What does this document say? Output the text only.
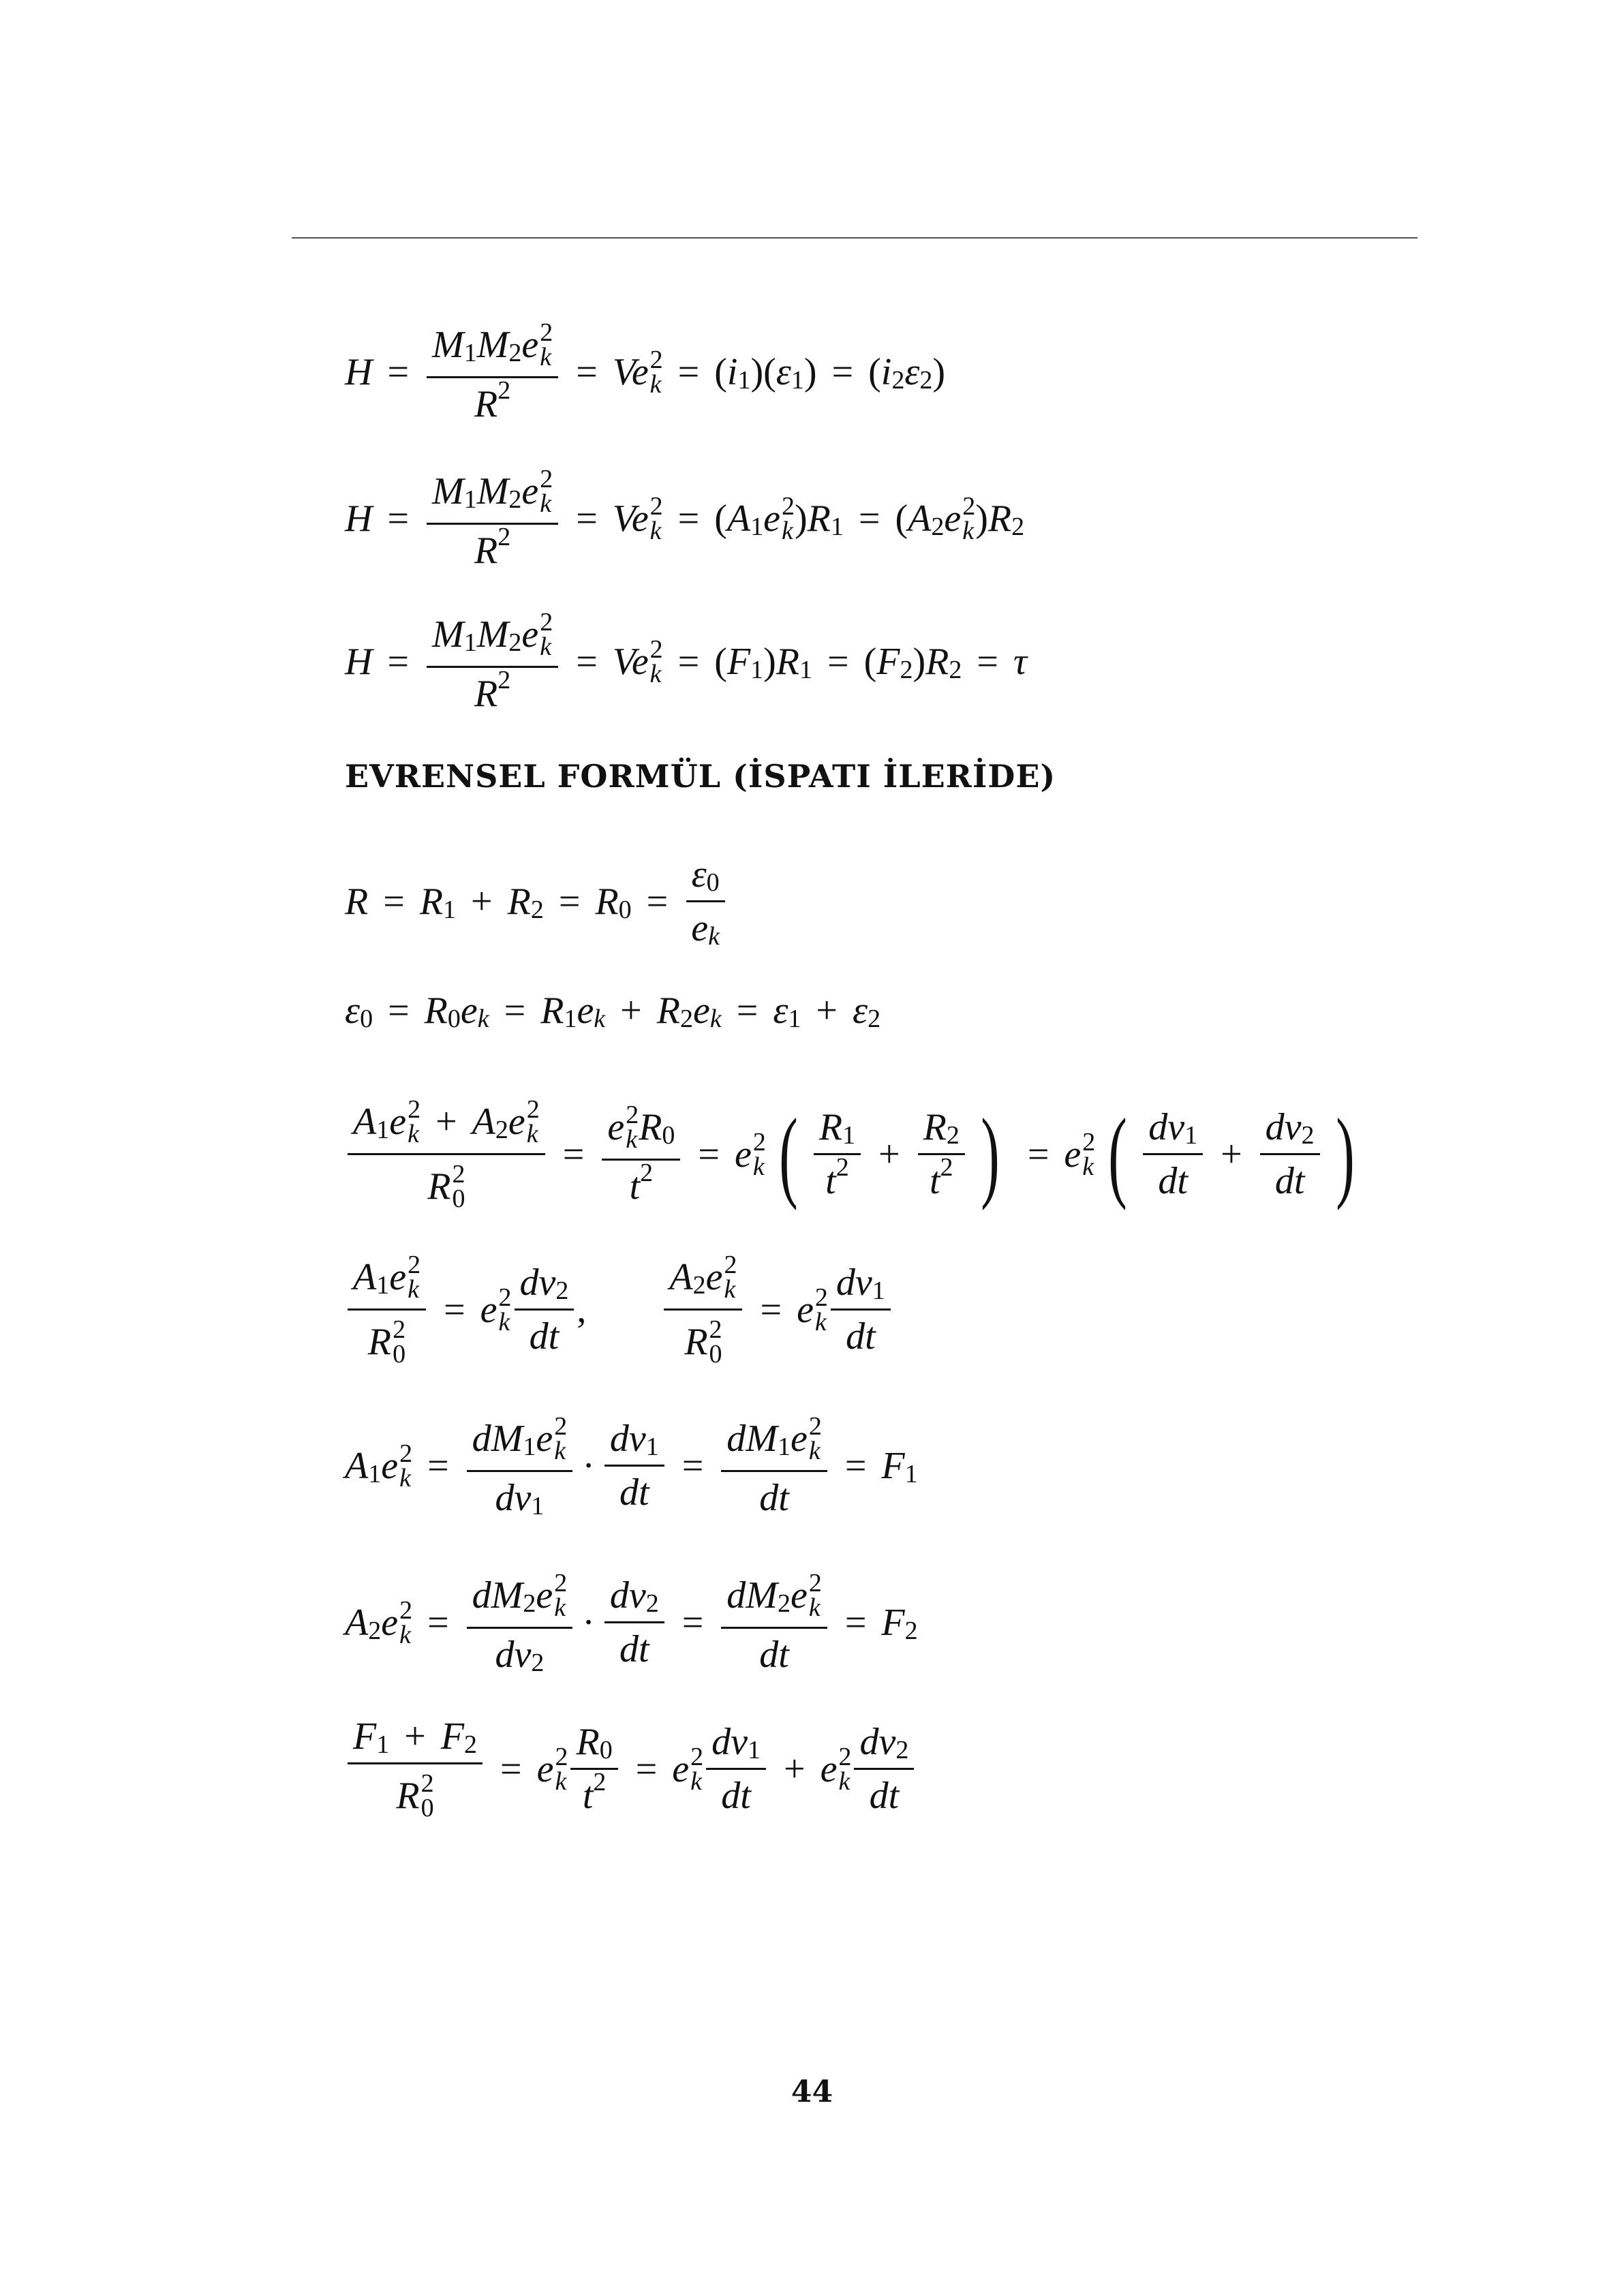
H = M 1 M 2 e 2
k
R 2 = Ve 2
k = ( i 1 )( ε 1 ) = ( i 2 ε 2 )
H = M 1 M 2 e 2
k
R 2 = Ve 2
k = ( A 1 e 2
k ) R 1 = ( A 2 e 2
k ) R 2
H = M 1 M 2 e 2
k
R 2 = Ve 2
k = ( F 1 ) R 1 = ( F 2 ) R 2 = τ
EVRENSEL FORMÜL (İSPATI İLERİDE)
R = R 1 + R 2 = R $0 = \frac{\varepsilon 0}{\text{e k}}$
ε 0 = R 0 e k = R 1 e k + R 2 e k = ε 1 + ε 2
A 1 e 2
k + A 2 e 2
k
R 2
0 = e 2
k R 0
t 2 = e 2
k ( $\frac{R 1}{t 2} + \frac{R 2}{t 2}$ ) = e 2
k ( $\frac{dv 1}{dt} + \frac{dv 2}{dt}$ )
A 1 e 2
k
R 2
0 = e 2
k $\frac{dv 2}{dt}$ , A 2 e 2
k
R 2
0 = e 2
k $\frac{dv 1}{dt}$
A 1 e 2
k = dM 1 e 2
k
dv $1 \cdot \frac{dv 1}{dt}$ = dM 1 e 2
k
dt = F 1
A 2 e 2
k = dM 2 e 2
k
dv $2 \cdot \frac{dv 2}{dt}$ = dM 2 e 2
k
dt = F 2
F 1 + F 2
R 2
0 = e 2
k $\frac{R 0}{t 2} = e$ 2
k $\frac{dv 1}{dt} + e$ 2
k $\frac{dv 2}{dt}$
44
